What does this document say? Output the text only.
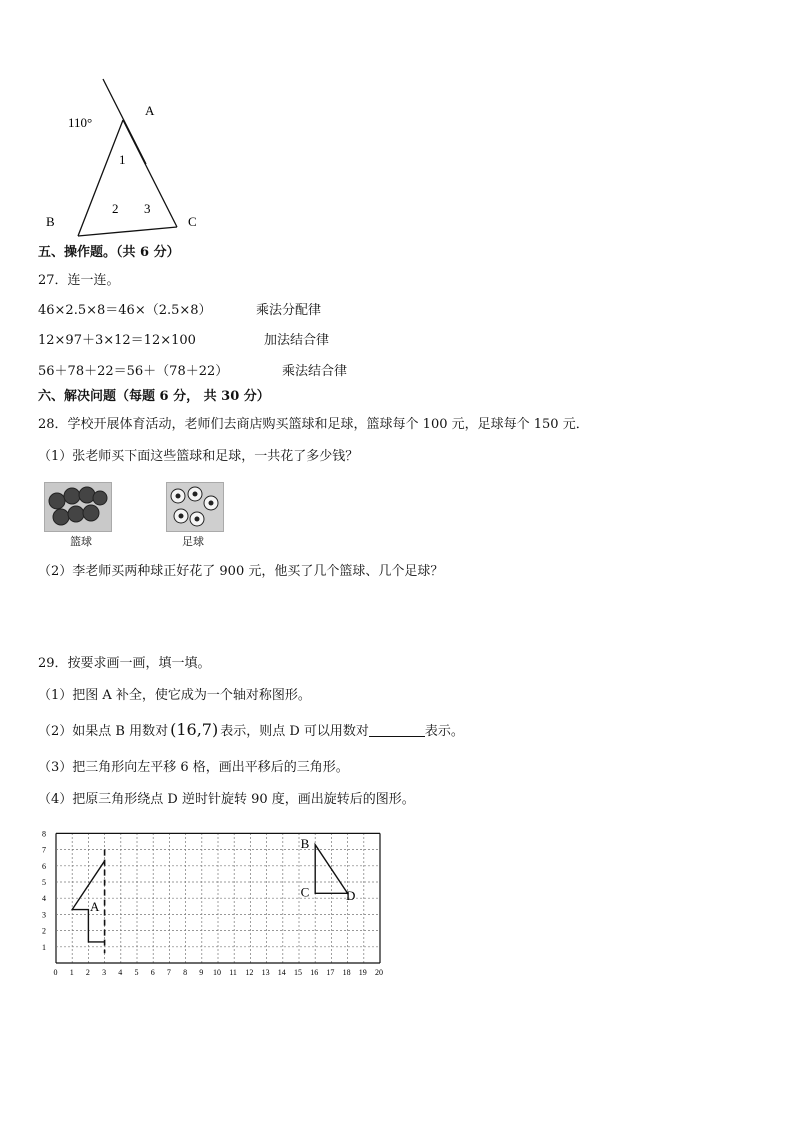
110°
A
B	C
1
2 3
五、操作题。（共 6 分）
27．连一连。
46×2.5×8＝46×（2.5×8）	乘法分配律
12×97＋3×12＝12×100	加法结合律
56＋78＋22＝56＋（78＋22）	乘法结合律
六、解决问题（每题 6 分， 共 30 分）
28．学校开展体育活动，老师们去商店购买篮球和足球，篮球每个 100 元，足球每个 150 元．
（1）张老师买下面这些篮球和足球，一共花了多少钱？
篮球	足球
（2）李老师买两种球正好花了 900 元，他买了几个篮球、几个足球？
29．按要求画一画，填一填。
（1）把图 A 补全，使它成为一个轴对称图形。
（2）如果点 B 用数对 (16,7) 表示，则点 D 可以用数对	表示。
（3）把三角形向左平移 6 格，画出平移后的三角形。
（4）把原三角形绕点 D 逆时针旋转 90 度，画出旋转后的图形。
0 1 2 3 4 5 6 7 8 9 10 11 12 13 14 15 16 17 18 19 20
1
2
3
4
5
6
7
8
A
B
C	D
